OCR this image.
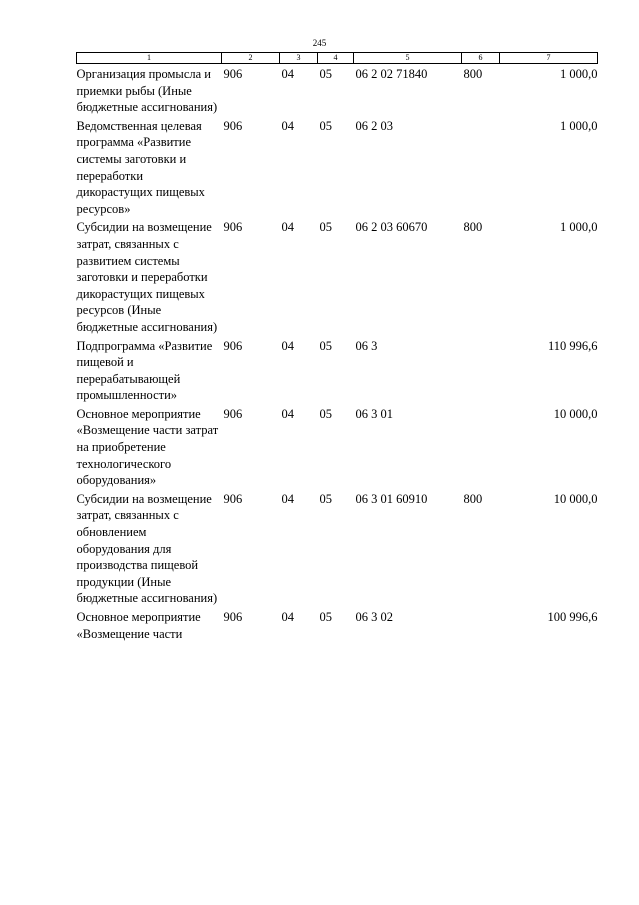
245
1	2	3	4	5	6	7
Организация промысла и приемки рыбы (Иные бюджетные ассигнования)	906	04	05	06 2 02 71840	800	1 000,0
Ведомственная целевая программа «Развитие системы заготовки и переработки дикорастущих пищевых ресурсов»	906	04	05	06 2 03		1 000,0
Субсидии на возмещение затрат, связанных с развитием системы заготовки и переработки дикорастущих пищевых ресурсов (Иные бюджетные ассигнования)	906	04	05	06 2 03 60670	800	1 000,0
Подпрограмма «Развитие пищевой и перерабатывающей промышленности»	906	04	05	06 3		110 996,6
Основное мероприятие «Возмещение части затрат на приобретение технологического оборудования»	906	04	05	06 3 01		10 000,0
Субсидии на возмещение затрат, связанных с обновлением оборудования для производства пищевой продукции (Иные бюджетные ассигнования)	906	04	05	06 3 01 60910	800	10 000,0
Основное мероприятие «Возмещение части	906	04	05	06 3 02		100 996,6
